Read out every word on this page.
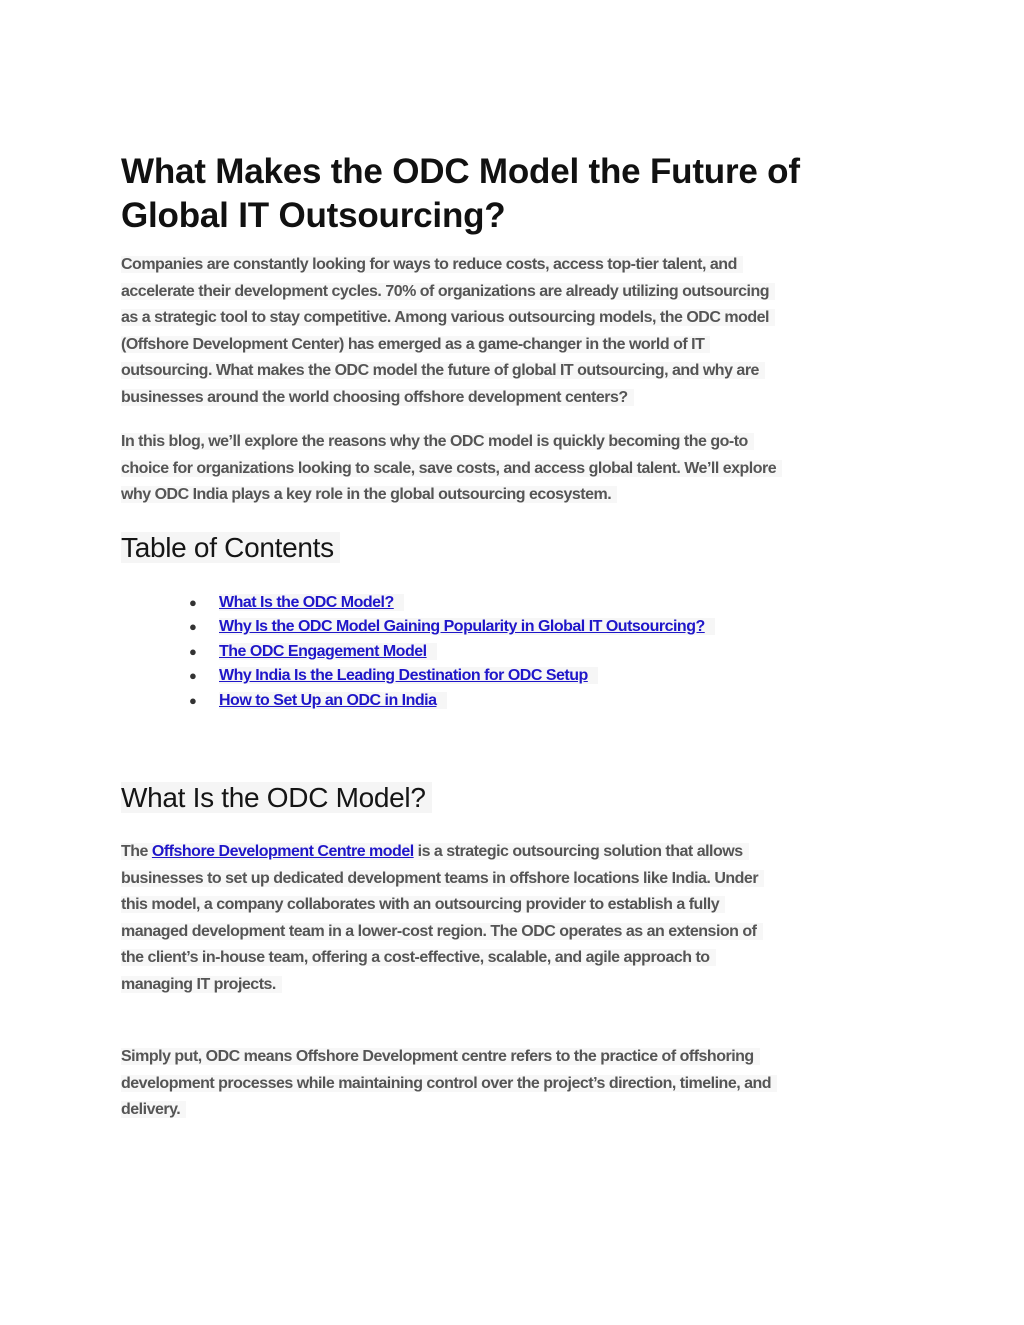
What Makes the ODC Model the Future of Global IT Outsourcing?

Companies are constantly looking for ways to reduce costs, access top-tier talent, and
accelerate their development cycles. 70% of organizations are already utilizing outsourcing
as a strategic tool to stay competitive. Among various outsourcing models, the ODC model
(Offshore Development Center) has emerged as a game-changer in the world of IT
outsourcing. What makes the ODC model the future of global IT outsourcing, and why are
businesses around the world choosing offshore development centers?

In this blog, we’ll explore the reasons why the ODC model is quickly becoming the go-to
choice for organizations looking to scale, save costs, and access global talent. We’ll explore
why ODC India plays a key role in the global outsourcing ecosystem.

Table of Contents
● What Is the ODC Model?
● Why Is the ODC Model Gaining Popularity in Global IT Outsourcing?
● The ODC Engagement Model
● Why India Is the Leading Destination for ODC Setup
● How to Set Up an ODC in India
What Is the ODC Model?

The Offshore Development Centre model is a strategic outsourcing solution that allows
businesses to set up dedicated development teams in offshore locations like India. Under
this model, a company collaborates with an outsourcing provider to establish a fully
managed development team in a lower-cost region. The ODC operates as an extension of
the client’s in-house team, offering a cost-effective, scalable, and agile approach to
managing IT projects.

Simply put, ODC means Offshore Development centre refers to the practice of offshoring
development processes while maintaining control over the project’s direction, timeline, and
delivery.
